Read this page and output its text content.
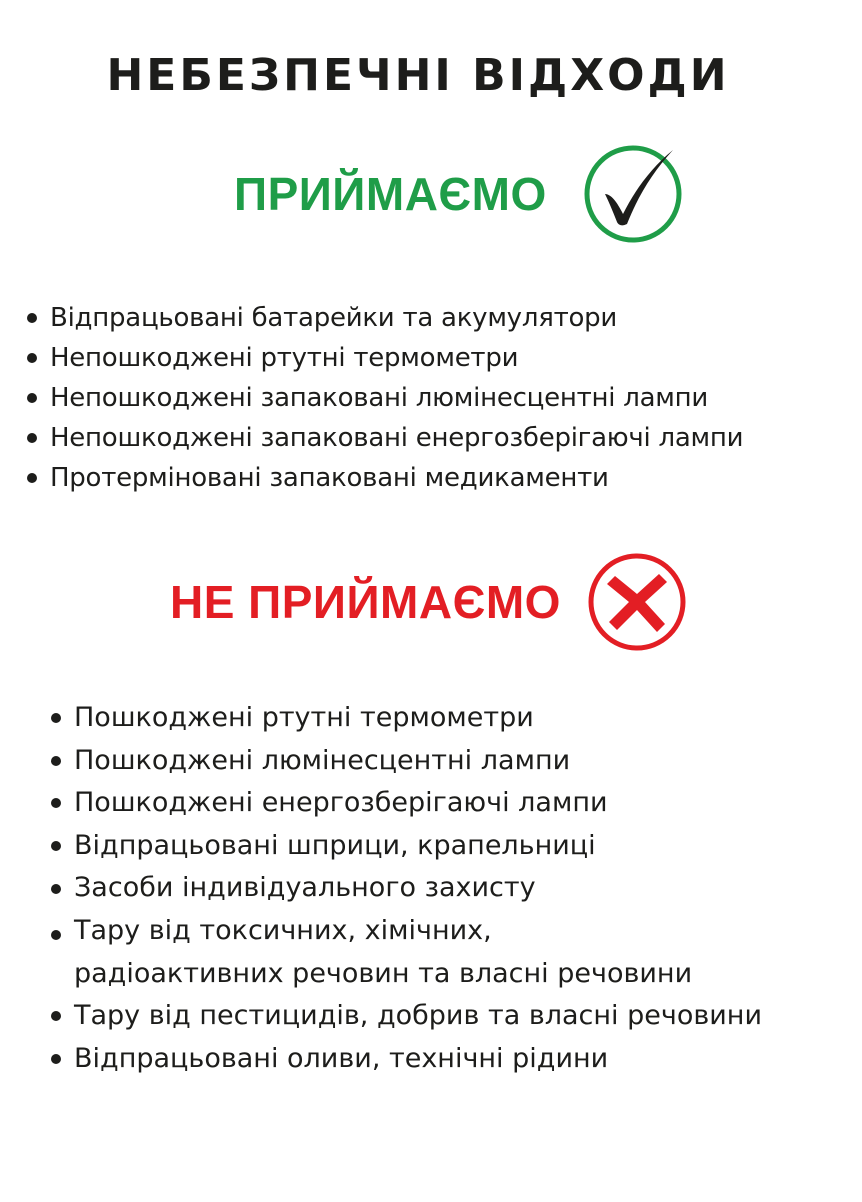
НЕБЕЗПЕЧНІ ВІДХОДИ
ПРИЙМАЄМО
Відпрацьовані батарейки та акумулятори
Непошкоджені ртутні термометри
Непошкоджені запаковані люмінесцентні лампи
Непошкоджені запаковані енергозберігаючі лампи
Протерміновані запаковані медикаменти
НЕ ПРИЙМАЄМО
Пошкоджені ртутні термометри
Пошкоджені люмінесцентні лампи
Пошкоджені енергозберігаючі лампи
Відпрацьовані шприци, крапельниці
Засоби індивідуального захисту
Тару від токсичних, хімічних,
радіоактивних речовин та власні речовини
Тару від пестицидів, добрив та власні речовини
Відпрацьовані оливи, технічні рідини
